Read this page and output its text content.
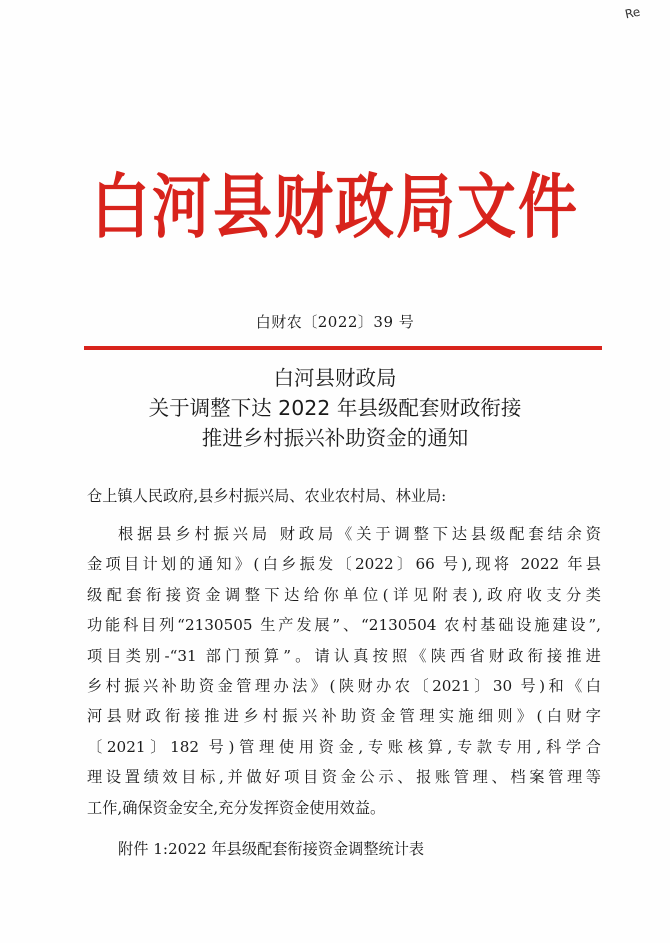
Re
白河县财政局文件
白财农〔2022〕39 号
白河县财政局
关于调整下达 2022 年县级配套财政衔接
推进乡村振兴补助资金的通知
仓上镇人民政府,县乡村振兴局、农业农村局、林业局:
根据县乡村振兴局 财政局《关于调整下达县级配套结余资
金项目计划的通知》(白乡振发〔2022〕66 号),现将 2022 年县
级配套衔接资金调整下达给你单位(详见附表),政府收支分类
功能科目列“2130505 生产发展”、“2130504 农村基础设施建设”,
项目类别-“31 部门预算”。请认真按照《陕西省财政衔接推进
乡村振兴补助资金管理办法》(陕财办农〔2021〕30 号)和《白
河县财政衔接推进乡村振兴补助资金管理实施细则》(白财字
〔2021〕182 号)管理使用资金,专账核算,专款专用,科学合
理设置绩效目标,并做好项目资金公示、报账管理、档案管理等
工作,确保资金安全,充分发挥资金使用效益。
附件 1:2022 年县级配套衔接资金调整统计表
